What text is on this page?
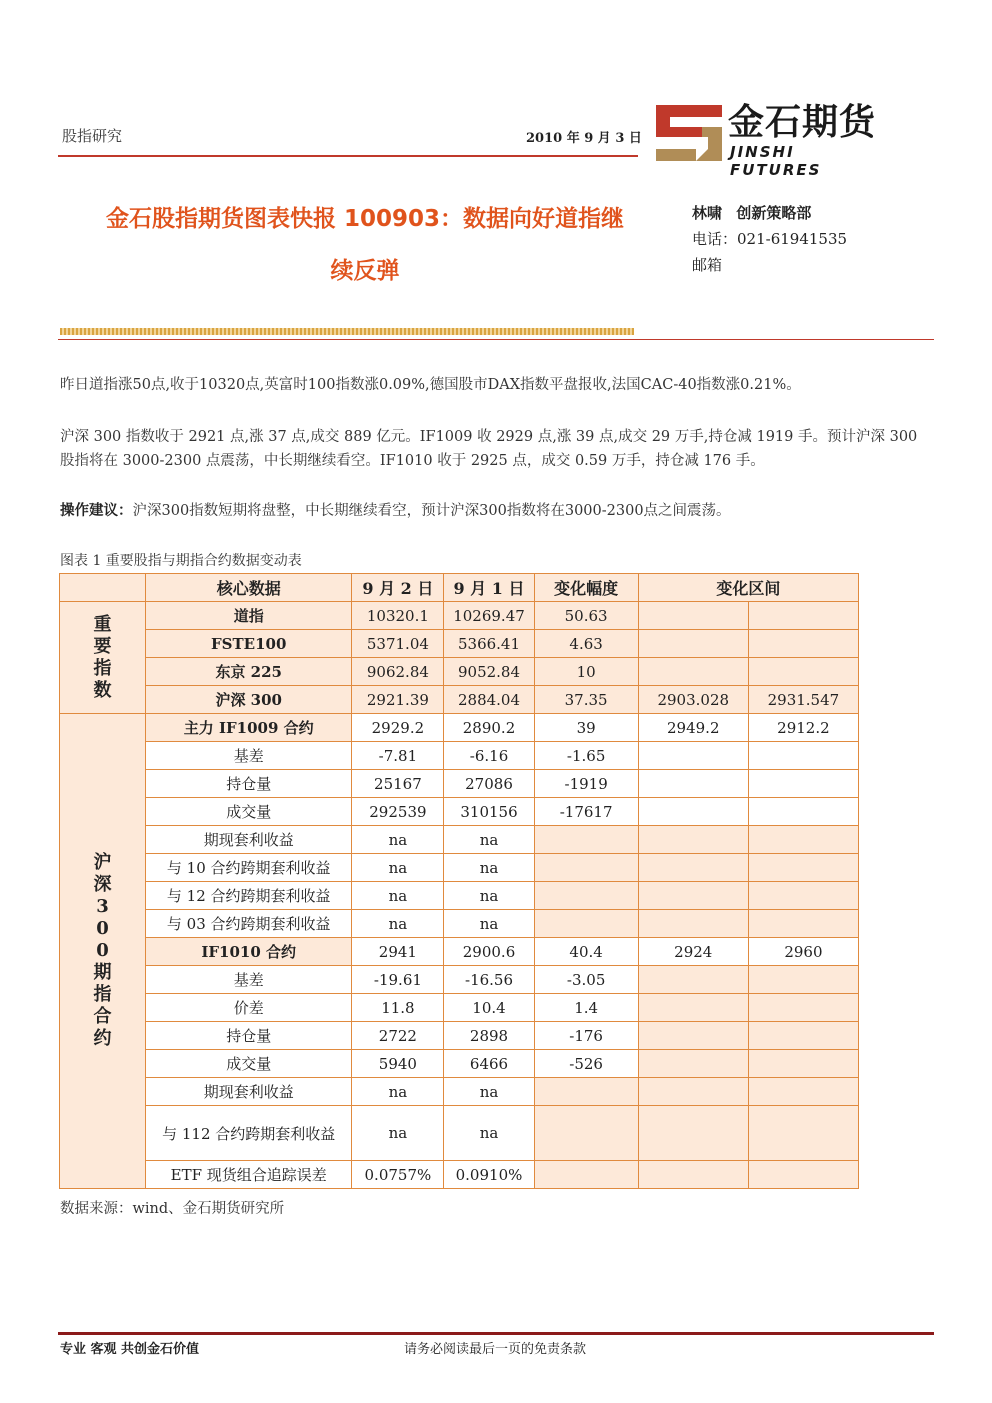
股指研究	2010 年 9 月 3 日 金石期货
JINSHI FUTURES
金石股指期货图表快报 100903：数据向好道指继
续反弹
林啸 创新策略部
电话：021-61941535
邮箱
昨日道指涨50点,收于10320点,英富时100指数涨0.09%,德国股市DAX指数平盘报收,法国CAC-40指数涨0.21%。
沪深 300 指数收于 2921 点,涨 37 点,成交 889 亿元。IF1009 收 2929 点,涨 39 点,成交 29 万手,持仓减 1919 手。预计沪深 300 股指将在 3000-2300 点震荡，中长期继续看空。IF1010 收于 2925 点，成交 0.59 万手，持仓减 176 手。
操作建议：沪深300指数短期将盘整，中长期继续看空，预计沪深300指数将在3000-2300点之间震荡。
图表 1 重要股指与期指合约数据变动表
	核心数据	9 月 2 日	9 月 1 日	变化幅度	变化区间	
重要指数	道指	10320.1	10269.47	50.63		
	FSTE100	5371.04	5366.41	4.63		
	东京 225	9062.84	9052.84	10		
	沪深 300	2921.39	2884.04	37.35	2903.028	2931.547
沪深300期指合约	主力 IF1009 合约	2929.2	2890.2	39	2949.2	2912.2
	基差	-7.81	-6.16	-1.65		
	持仓量	25167	27086	-1919		
	成交量	292539	310156	-17617		
	期现套利收益	na	na			
	与 10 合约跨期套利收益	na	na			
	与 12 合约跨期套利收益	na	na			
	与 03 合约跨期套利收益	na	na			
	IF1010 合约	2941	2900.6	40.4	2924	2960
	基差	-19.61	-16.56	-3.05		
	价差	11.8	10.4	1.4		
	持仓量	2722	2898	-176		
	成交量	5940	6466	-526		
	期现套利收益	na	na			
	与 112 合约跨期套利收益	na	na			
	ETF 现货组合追踪误差	0.0757%	0.0910%			
数据来源：wind、金石期货研究所
专业 客观 共创金石价值	请务必阅读最后一页的免责条款
